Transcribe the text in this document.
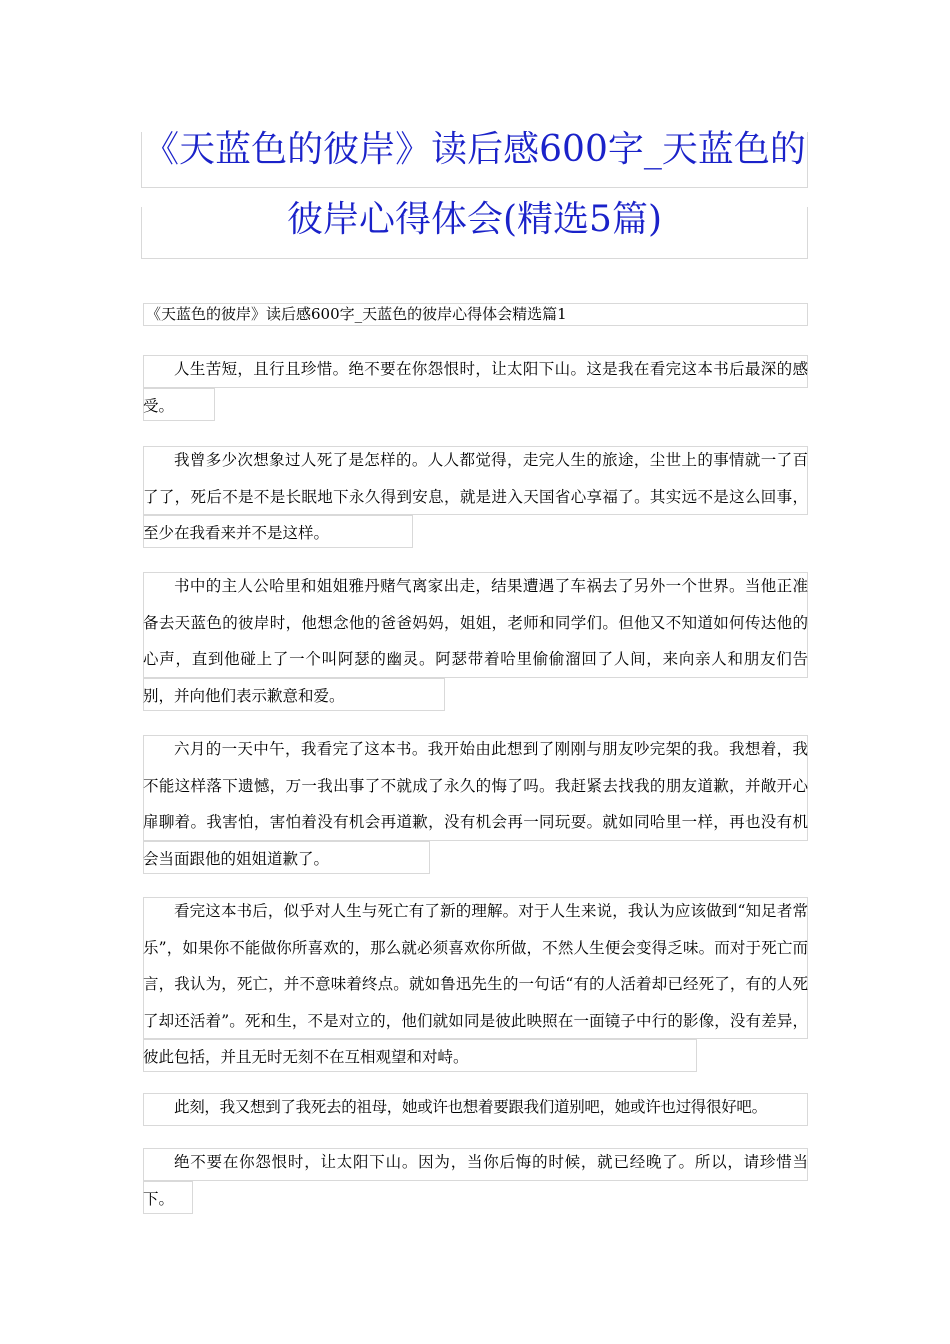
《天蓝色的彼岸》读后感600字_天蓝色的
彼岸心得体会(精选5篇)
《天蓝色的彼岸》读后感600字_天蓝色的彼岸心得体会精选篇1

人生苦短，且行且珍惜。绝不要在你怨恨时，让太阳下山。这是我在看完这本书后最深的感受。

我曾多少次想象过人死了是怎样的。人人都觉得，走完人生的旅途，尘世上的事情就一了百了了，死后不是不是长眠地下永久得到安息，就是进入天国省心享福了。其实远不是这么回事，至少在我看来并不是这样。

书中的主人公哈里和姐姐雅丹赌气离家出走，结果遭遇了车祸去了另外一个世界。当他正准备去天蓝色的彼岸时，他想念他的爸爸妈妈，姐姐，老师和同学们。但他又不知道如何传达他的心声，直到他碰上了一个叫阿瑟的幽灵。阿瑟带着哈里偷偷溜回了人间，来向亲人和朋友们告别，并向他们表示歉意和爱。

六月的一天中午，我看完了这本书。我开始由此想到了刚刚与朋友吵完架的我。我想着，我不能这样落下遗憾，万一我出事了不就成了永久的悔了吗。我赶紧去找我的朋友道歉，并敞开心扉聊着。我害怕，害怕着没有机会再道歉，没有机会再一同玩耍。就如同哈里一样，再也没有机会当面跟他的姐姐道歉了。

看完这本书后，似乎对人生与死亡有了新的理解。对于人生来说，我认为应该做到“知足者常乐”，如果你不能做你所喜欢的，那么就必须喜欢你所做，不然人生便会变得乏味。而对于死亡而言，我认为，死亡，并不意味着终点。就如鲁迅先生的一句话“有的人活着却已经死了，有的人死了却还活着”。死和生，不是对立的，他们就如同是彼此映照在一面镜子中行的影像，没有差异，彼此包括，并且无时无刻不在互相观望和对峙。

此刻，我又想到了我死去的祖母，她或许也想着要跟我们道别吧，她或许也过得很好吧。

绝不要在你怨恨时，让太阳下山。因为，当你后悔的时候，就已经晚了。所以，请珍惜当下。
